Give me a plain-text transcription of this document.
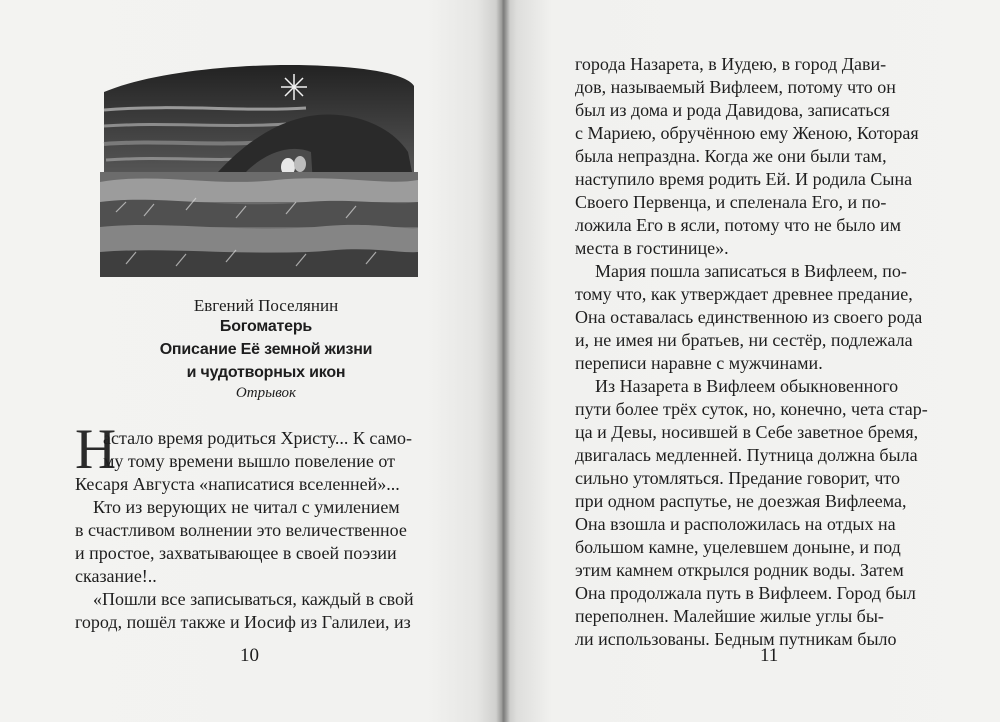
Евгений Поселянин
Богоматерь
Описание Её земной жизни
и чудотворных икон
Отрывок
Н
астало время родиться Христу... К само-
му тому времени вышло повеление от
Кесаря Августа «написатися вселенней»...
Кто из верующих не читал с умилением
в счастливом волнении это величественное
и простое, захватывающее в своей поэзии
сказание!..
«Пошли все записываться, каждый в свой
город, пошёл также и Иосиф из Галилеи, из
10
города Назарета, в Иудею, в город Дави-
дов, называемый Вифлеем, потому что он
был из дома и рода Давидова, записаться
с Мариею, обручённою ему Женою, Которая
была непраздна. Когда же они были там,
наступило время родить Ей. И родила Сына
Своего Первенца, и спеленала Его, и по-
ложила Его в ясли, потому что не было им
места в гостинице».
Мария пошла записаться в Вифлеем, по-
тому что, как утверждает древнее предание,
Она оставалась единственною из своего рода
и, не имея ни братьев, ни сестёр, подлежала
переписи наравне с мужчинами.
Из Назарета в Вифлеем обыкновенного
пути более трёх суток, но, конечно, чета стар-
ца и Девы, носившей в Себе заветное бремя,
двигалась медленней. Путница должна была
сильно утомляться. Предание говорит, что
при одном распутье, не доезжая Вифлеема,
Она взошла и расположилась на отдых на
большом камне, уцелевшем донынe, и под
этим камнем открылся родник воды. Затем
Она продолжала путь в Вифлеем. Город был
переполнен. Малейшие жилые углы бы-
ли использованы. Бедным путникам было
11
